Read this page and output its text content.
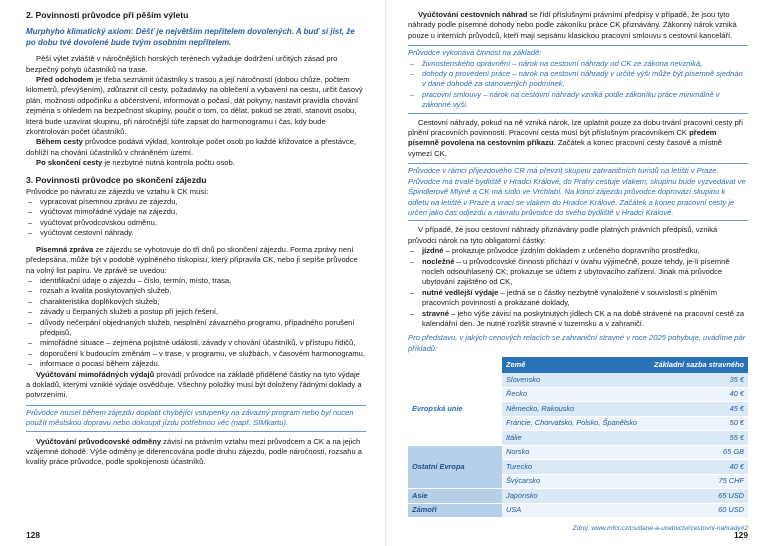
2. Povinnosti průvodce při pěším výletu

Murphyho klimatický axiom: Déšť je největším nepřítelem dovolených. A buď si jist, že po dobu tvé dovolené bude tvým osobním nepřítelem.

Pěší výlet zvláště v náročnějších horských terénech vyžaduje dodržení určitých zásad pro bezpečný pohyb účastníků na trase.

Před odchodem je třeba seznámit účastníky s trasou a její náročností (dobou chůze, počtem kilometrů, převýšením), zdůraznit cíl cesty, požadavky na oblečení a vybavení na cestu, určit časový plán, možnosti odpočinku a občerstvení, informovat o počasí, dát pokyny, nastavit pravidla chování zejména s ohledem na bezpečnost skupiny, poučit o tom, co dělat, pokud se ztratí, stanovit osobu, která bude uzavírat skupinu, při náročnější túře zapsat do harmonogramu i čas, kdy bude zkontrolován počet účastníků.

Během cesty průvodce podává výklad, kontroluje počet osob po každé křižovatce a přestávce, dohlíží na chování účastníků v chráněném území.

Po skončení cesty je nezbytné nutná kontrola počtu osob.

3. Povinnosti průvodce po skončení zájezdu

Průvodce po návratu ze zájezdu ve vztahu k CK musí:

– vypracovat písemnou zprávu ze zájezdu,
– vyúčtovat mimořádné výdaje na zájezdu,
– vyúčtovat průvodcovskou odměnu,
– vyúčtovat cestovní náhrady.

Písemná zpráva ze zájezdu se vyhotovuje do tří dnů po skončení zájezdu. Forma zprávy není předepsána, může být v podobě vyplněného tiskopisu, který připravila CK, nebo ji sepíše průvodce na volný list papíru. Ve zprávě se uvedou:

– identifikační údaje o zájezdu – číslo, termín, místo, trasa,
– rozsah a kvalita poskytovaných služeb,
– charakteristika doplňkových služeb,
– závady u čerpaných služeb a postup při jejich řešení,
– důvody nečerpání objednaných služeb, nesplnění závazného programu, případného porušení předpisů,
– mimořádné situace – zejména pojistné události, závady v chování účastníků, v přístupu řidičů,
– doporučení k budoucím změnám – v trase, v programu, ve službách, v časovém harmonogramu,
– informace o pocasí během zájezdu.

Vyúčtování mimořádných výdajů provádí průvodce na základě přidělené částky na tyto výdaje a dokladů, kterými vzniklé výdaje osvědčuje. Všechny položky musí být doloženy řádnými doklady a potvrzeními.

Průvodce musel během zájezdu doplatit chybějící vstupenky na závazný program nebo byl nucen použít městskou dopravu nebo dokoupit jízdu potřebnou věc (např. SIMkartu).

Vyúčtování průvodcovské odměny závisí na právním vztahu mezi průvodcem a CK a na jejich vzájemné dohodě. Výše odměny je diferencována podle druhu zájezdu, podle náročnosti, rozsahu a kvality práce průvodce, podle spokojenosti účastníků.

128

Vyúčtování cestovních náhrad se řídí příslušnými právními předpisy v případě, že jsou tyto náhrady podle písemné dohody nebo podle zákoníku práce CK přiznávány. Zákonný nárok vzniká pouze u interních průvodců, kteří mají sepsánu klasickou pracovní smlouvu s cestovní kanceláří.

Průvodce vykonává činnost na základě:

– živnostenského oprávnění – nárok na cestovní náhrady od CK ze zákona nevzniká,
– dohody o provedení práce – nárok na cestovní náhrady v určité výši může být písemně sjednán v dané dohodě za stanovených podmínek,
– pracovní smlouvy – nárok na cestovní náhrady vzniká podle zákoníku práce minimálně v zákonné výši.

Cestovní náhrady, pokud na ně vzniká nárok, lze uplatnit pouze za dobu trvání pracovní cesty při plnění pracovních povinností. Pracovní cesta musí být příslušným pracovníkem CK předem písemně povolena na cestovním příkazu. Začátek a konec pracovní cesty časově a místně vymezí CK.

Průvodce v rámci přijezdového CR má převzít skupinu zahraničních turistů na letišti v Praze. Průvodce má trvalé bydliště v Hradci Králové, do Prahy cestuje vlakem, skupinu bude vyzvedávat ve Špindlerově Mlýně a CK má sídlo ve Vrchlabí. Na konci zájezdu průvodce doprovází skupinu k odletu na letiště v Praze a vrací se vlakem do Hradce Králové. Začátek a konec pracovní cesty je určen jako čas odjezdu a návratu průvodce do svého bydliště v Hradci Králové.

V případě, že jsou cestovní náhrady přiznávány podle platných právních předpisů, vzniká průvodci nárok na tyto obligatorní částky:

– jízdné – prokazuje průvodce jízdním dokladem z určeného dopravního prostředku,
– nocležné – u průvodcovské činnosti přichází v úvahu výjimečně, pouze tehdy, je-li písemně nocleh odsouhlasený CK; prokazuje se účtem z ubytovacího zařízení. Jinak má průvodce ubytování zajištěno od CK,
– nutné vedlejší výdaje – jedná se o částky nezbytně vynaložené v souvislosti s plněním pracovních povinností a prokázané doklady,
– stravné – jeho výše závisí na poskytnutých jídlech CK a na době strávené na pracovní cestě za kalendářní den. Je nutné rozlišit stravné v tuzemsku a v zahraničí.

Pro představu, v jakých cenových relacích se zahraniční stravné v roce 2025 pohybuje, uvádíme pár příkladů:

	Země	Základní sazba stravného
Evropská unie	Slovensko	35 €
	Řecko	40 €
	Německo, Rakousko	45 €
	Francie, Chorvatsko, Polsko, Španělsko	50 €
	Itálie	55 €
Ostatní Evropa	Norsko	65 GB
	Turecko	40 €
	Švýcarsko	75 CHF
Asie	Japonsko	65 USD
Zámoří	USA	60 USD

Zdroj: www.mfcr.cz/cs/dane-a-ucetnictvi/cestovni-nahrady#2

129
